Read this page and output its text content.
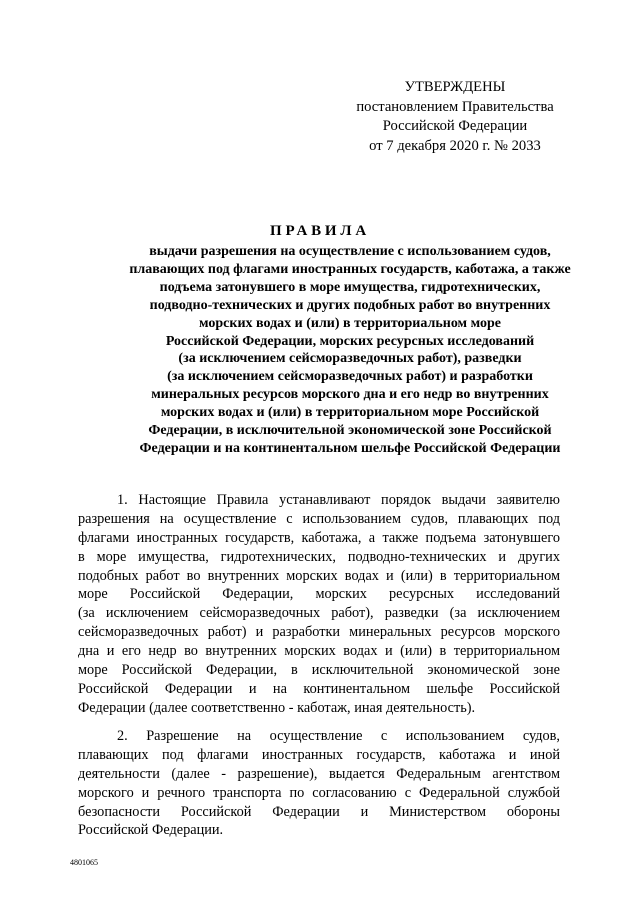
УТВЕРЖДЕНЫ
постановлением Правительства
Российской Федерации
от 7 декабря 2020 г. № 2033
ПРАВИЛА
выдачи разрешения на осуществление с использованием судов,
плавающих под флагами иностранных государств, каботажа, а также
подъема затонувшего в море имущества, гидротехнических,
подводно-технических и других подобных работ во внутренних
морских водах и (или) в территориальном море
Российской Федерации, морских ресурсных исследований
(за исключением сейсморазведочных работ), разведки
(за исключением сейсморазведочных работ) и разработки
минеральных ресурсов морского дна и его недр во внутренних
морских водах и (или) в территориальном море Российской
Федерации, в исключительной экономической зоне Российской
Федерации и на континентальном шельфе Российской Федерации
1. Настоящие Правила устанавливают порядок выдачи заявителю
разрешения на осуществление с использованием судов, плавающих под
флагами иностранных государств, каботажа, а также подъема затонувшего
в море имущества, гидротехнических, подводно-технических и других
подобных работ во внутренних морских водах и (или) в территориальном
море Российской Федерации, морских ресурсных исследований
(за исключением сейсморазведочных работ), разведки (за исключением
сейсморазведочных работ) и разработки минеральных ресурсов морского
дна и его недр во внутренних морских водах и (или) в территориальном
море Российской Федерации, в исключительной экономической зоне
Российской Федерации и на континентальном шельфе Российской
Федерации (далее соответственно - каботаж, иная деятельность).
2. Разрешение на осуществление с использованием судов,
плавающих под флагами иностранных государств, каботажа и иной
деятельности (далее - разрешение), выдается Федеральным агентством
морского и речного транспорта по согласованию с Федеральной службой
безопасности Российской Федерации и Министерством обороны
Российской Федерации.
4801065
